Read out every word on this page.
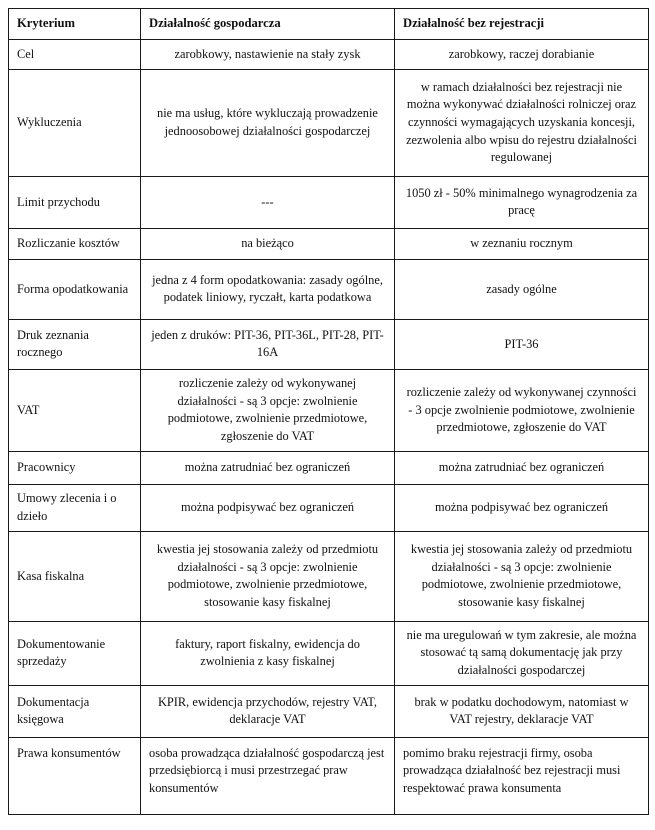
Kryterium	Działalność gospodarcza	Działalność bez rejestracji
Cel	zarobkowy, nastawienie na stały zysk	zarobkowy, raczej dorabianie
Wykluczenia	nie ma usług, które wykluczają prowadzenie jednoosobowej działalności gospodarczej	w ramach działalności bez rejestracji nie można wykonywać działalności rolniczej oraz czynności wymagających uzyskania koncesji, zezwolenia albo wpisu do rejestru działalności regulowanej
Limit przychodu	---	1050 zł - 50% minimalnego wynagrodzenia za pracę
Rozliczanie kosztów	na bieżąco	w zeznaniu rocznym
Forma opodatkowania	jedna z 4 form opodatkowania: zasady ogólne, podatek liniowy, ryczałt, karta podatkowa	zasady ogólne
Druk zeznania rocznego	jeden z druków: PIT-36, PIT-36L, PIT-28, PIT-16A	PIT-36
VAT	rozliczenie zależy od wykonywanej działalności - są 3 opcje: zwolnienie podmiotowe, zwolnienie przedmiotowe, zgłoszenie do VAT	rozliczenie zależy od wykonywanej czynności - 3 opcje zwolnienie podmiotowe, zwolnienie przedmiotowe, zgłoszenie do VAT
Pracownicy	można zatrudniać bez ograniczeń	można zatrudniać bez ograniczeń
Umowy zlecenia i o dzieło	można podpisywać bez ograniczeń	można podpisywać bez ograniczeń
Kasa fiskalna	kwestia jej stosowania zależy od przedmiotu działalności - są 3 opcje: zwolnienie podmiotowe, zwolnienie przedmiotowe, stosowanie kasy fiskalnej	kwestia jej stosowania zależy od przedmiotu działalności - są 3 opcje: zwolnienie podmiotowe, zwolnienie przedmiotowe, stosowanie kasy fiskalnej
Dokumentowanie sprzedaży	faktury, raport fiskalny, ewidencja do zwolnienia z kasy fiskalnej	nie ma uregulowań w tym zakresie, ale można stosować tą samą dokumentację jak przy działalności gospodarczej
Dokumentacja księgowa	KPIR, ewidencja przychodów, rejestry VAT, deklaracje VAT	brak w podatku dochodowym, natomiast w VAT rejestry, deklaracje VAT
Prawa konsumentów	osoba prowadząca działalność gospodarczą jest przedsiębiorcą i musi przestrzegać praw konsumentów	pomimo braku rejestracji firmy, osoba prowadząca działalność bez rejestracji musi respektować prawa konsumenta
